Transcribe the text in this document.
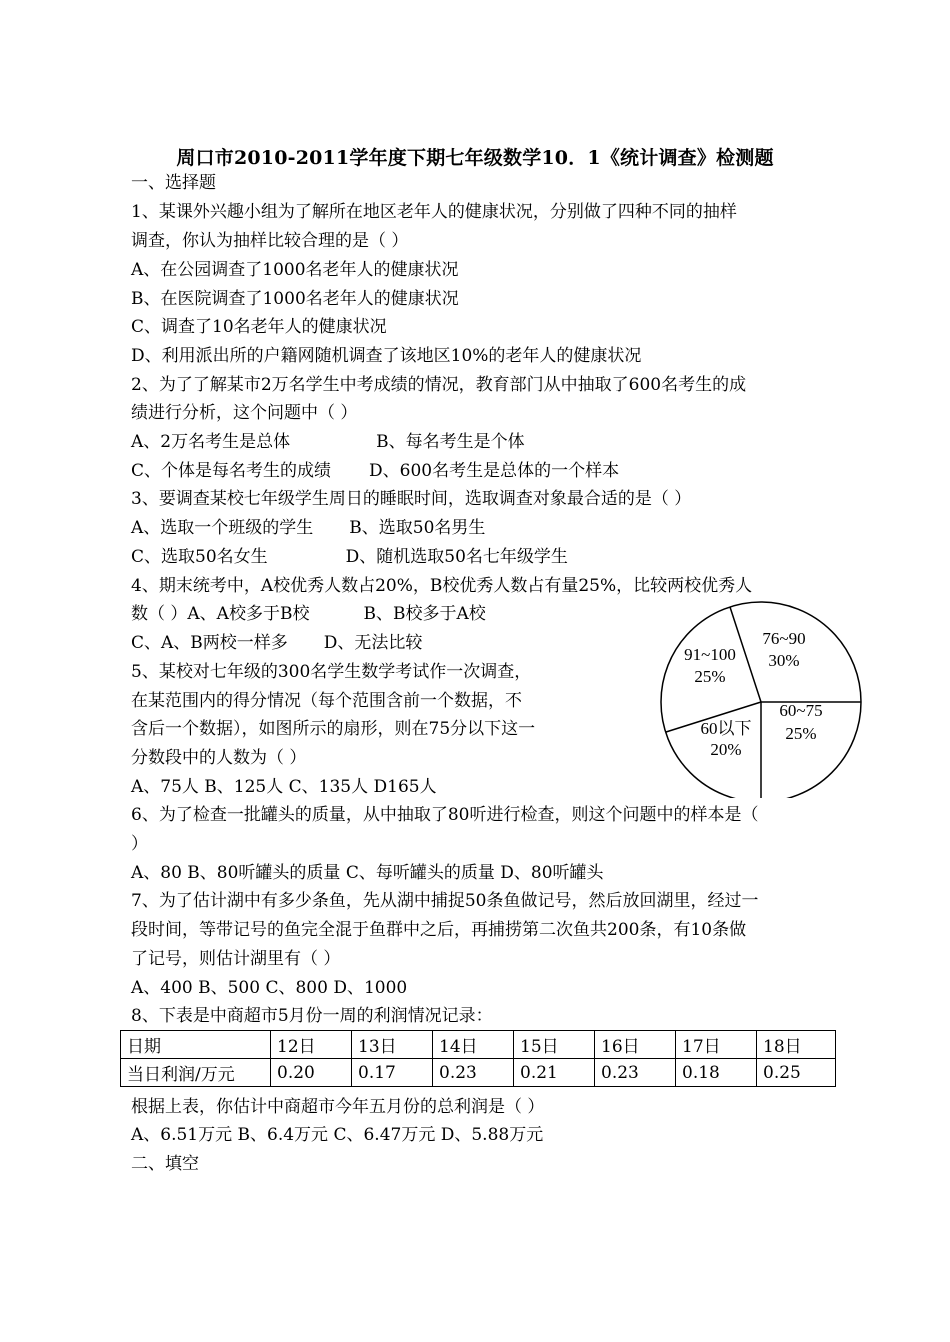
周口市2010-2011学年度下期七年级数学10．1《统计调查》检测题
一、选择题
1、某课外兴趣小组为了解所在地区老年人的健康状况，分别做了四种不同的抽样
调查，你认为抽样比较合理的是（ ）
A、在公园调查了1000名老年人的健康状况
B、在医院调查了1000名老年人的健康状况
C、调查了10名老年人的健康状况
D、利用派出所的户籍网随机调查了该地区10%的老年人的健康状况
2、为了了解某市2万名学生中考成绩的情况，教育部门从中抽取了600名考生的成
绩进行分析，这个问题中（ ）
A、2万名考生是总体	B、每名考生是个体
C、个体是每名考生的成绩 D、600名考生是总体的一个样本
3、要调查某校七年级学生周日的睡眠时间，选取调查对象最合适的是（ ）
A、选取一个班级的学生 B、选取50名男生
C、选取50名女生	D、随机选取50名七年级学生
4、期末统考中，A校优秀人数占20%，B校优秀人数占有量25%，比较两校优秀人
数（ ）A、A校多于B校	B、B校多于A校
C、A、B两校一样多 D、无法比较
5、某校对七年级的300名学生数学考试作一次调查，
在某范围内的得分情况（每个范围含前一个数据，不
含后一个数据），如图所示的扇形，则在75分以下这一
分数段中的人数为（ ）
A、75人 B、125人 C、135人 D165人
76~90
30%
60~75
25%
60以下
20%
91~100
25%
6、为了检查一批罐头的质量，从中抽取了80听进行检查，则这个问题中的样本是（
）
A、80 B、80听罐头的质量 C、每听罐头的质量 D、80听罐头
7、为了估计湖中有多少条鱼，先从湖中捕捉50条鱼做记号，然后放回湖里，经过一
段时间，等带记号的鱼完全混于鱼群中之后，再捕捞第二次鱼共200条，有10条做
了记号，则估计湖里有（ ）
A、400 B、500 C、800 D、1000
8、下表是中商超市5月份一周的利润情况记录：
日期	12日	13日	14日	15日	16日	17日	18日
当日利润/万元	0.20	0.17	0.23	0.21	0.23	0.18	0.25
根据上表，你估计中商超市今年五月份的总利润是（ ）
A、6.51万元 B、6.4万元 C、6.47万元 D、5.88万元
二、填空
